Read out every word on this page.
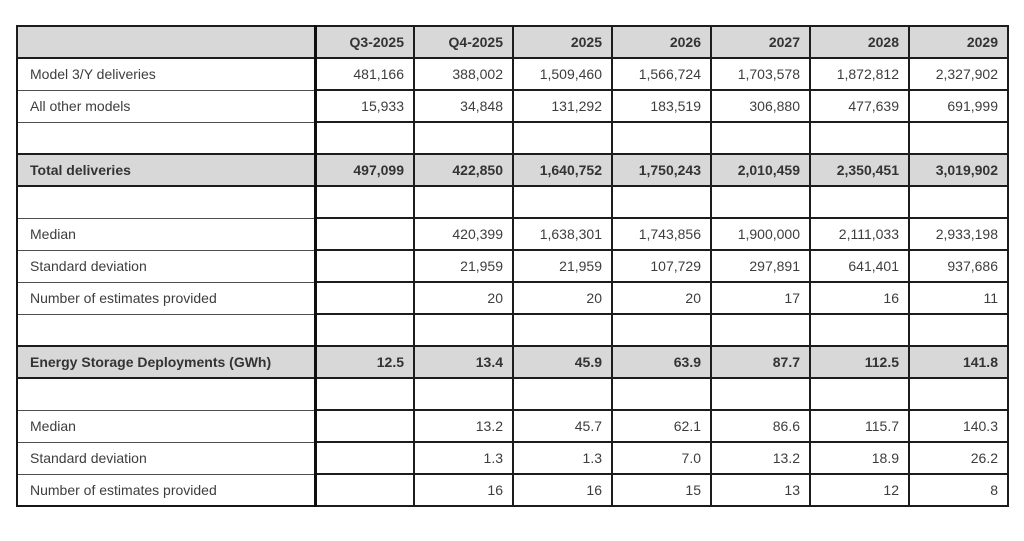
	Q3-2025	Q4-2025	2025	2026	2027	2028	2029
Model 3/Y deliveries	481,166	388,002	1,509,460	1,566,724	1,703,578	1,872,812	2,327,902
All other models	15,933	34,848	131,292	183,519	306,880	477,639	691,999

Total deliveries	497,099	422,850	1,640,752	1,750,243	2,010,459	2,350,451	3,019,902

Median		420,399	1,638,301	1,743,856	1,900,000	2,111,033	2,933,198
Standard deviation		21,959	21,959	107,729	297,891	641,401	937,686
Number of estimates provided		20	20	20	17	16	11

Energy Storage Deployments (GWh)	12.5	13.4	45.9	63.9	87.7	112.5	141.8

Median		13.2	45.7	62.1	86.6	115.7	140.3
Standard deviation		1.3	1.3	7.0	13.2	18.9	26.2
Number of estimates provided		16	16	15	13	12	8
